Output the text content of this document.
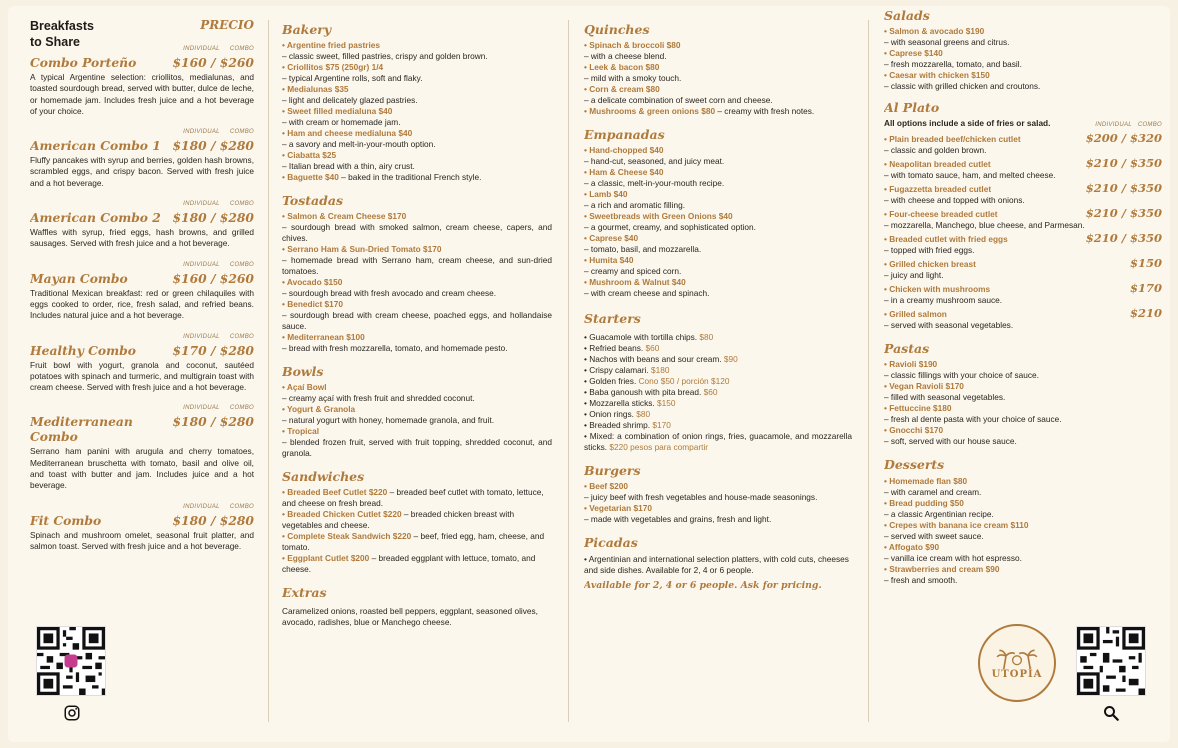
Breakfasts
to Share
PRECIO
INDIVIDUAL COMBO
Combo Porteño	$160 / $260
A typical Argentine selection: criollitos, medialunas, and toasted sourdough bread, served with butter, dulce de leche, or homemade jam. Includes fresh juice and a hot beverage of your choice.
INDIVIDUAL COMBO
American Combo 1 $180 / $280
Fluffy pancakes with syrup and berries, golden hash browns, scrambled eggs, and crispy bacon. Served with fresh juice and a hot beverage.
INDIVIDUAL COMBO
American Combo 2 $180 / $280
Waffles with syrup, fried eggs, hash browns, and grilled sausages. Served with fresh juice and a hot beverage.
INDIVIDUAL COMBO
Mayan Combo	$160 / $260
Traditional Mexican breakfast: red or green chilaquiles with eggs cooked to order, rice, fresh salad, and refried beans. Includes natural juice and a hot beverage.
INDIVIDUAL COMBO
Healthy Combo	$170 / $280
Fruit bowl with yogurt, granola and coconut, sautéed potatoes with spinach and turmeric, and multigrain toast with cream cheese. Served with fresh juice and a hot beverage.
INDIVIDUAL COMBO
Mediterranean Combo
$180 / $280
Serrano ham panini with arugula and cherry tomatoes, Mediterranean bruschetta with tomato, basil and olive oil, and toast with butter and jam. Includes juice and a hot beverage.
INDIVIDUAL COMBO
Fit Combo	$180 / $280
Spinach and mushroom omelet, seasonal fruit platter, and salmon toast. Served with fresh juice and a hot beverage.
Bakery
• Argentine fried pastries
– classic sweet, filled pastries, crispy and golden brown.
• Criollitos $75 (250gr) 1/4
– typical Argentine rolls, soft and flaky.
• Medialunas $35
– light and delicately glazed pastries.
• Sweet filled medialuna $40
– with cream or homemade jam.
• Ham and cheese medialuna $40
– a savory and melt-in-your-mouth option.
• Ciabatta $25
– Italian bread with a thin, airy crust.
• Baguette $40 – baked in the traditional French style.
Tostadas
• Salmon & Cream Cheese $170
– sourdough bread with smoked salmon, cream cheese, capers, and chives.
• Serrano Ham & Sun-Dried Tomato $170
– homemade bread with Serrano ham, cream cheese, and sun-dried tomatoes.
• Avocado $150
– sourdough bread with fresh avocado and cream cheese.
• Benedict $170
– sourdough bread with cream cheese, poached eggs, and hollandaise sauce.
• Mediterranean $100
– bread with fresh mozzarella, tomato, and homemade pesto.
Bowls
• Açaí Bowl
– creamy açaí with fresh fruit and shredded coconut.
• Yogurt & Granola
– natural yogurt with honey, homemade granola, and fruit.
• Tropical
– blended frozen fruit, served with fruit topping, shredded coconut, and granola.
Sandwiches
• Breaded Beef Cutlet $220 – breaded beef cutlet with tomato, lettuce, and cheese on fresh bread.
• Breaded Chicken Cutlet $220 – breaded chicken breast with vegetables and cheese.
• Complete Steak Sandwich $220 – beef, fried egg, ham, cheese, and tomato.
• Eggplant Cutlet $200 – breaded eggplant with lettuce, tomato, and cheese.
Extras
Caramelized onions, roasted bell peppers, eggplant, seasoned olives, avocado, radishes, blue or Manchego cheese.
Quinches
• Spinach & broccoli $80
– with a cheese blend.
• Leek & bacon $80
– mild with a smoky touch.
• Corn & cream $80
– a delicate combination of sweet corn and cheese.
• Mushrooms & green onions $80 – creamy with fresh notes.
Empanadas
• Hand-chopped $40
– hand-cut, seasoned, and juicy meat.
• Ham & Cheese $40
– a classic, melt-in-your-mouth recipe.
• Lamb $40
– a rich and aromatic filling.
• Sweetbreads with Green Onions $40
– a gourmet, creamy, and sophisticated option.
• Caprese $40
– tomato, basil, and mozzarella.
• Humita $40
– creamy and spiced corn.
• Mushroom & Walnut $40
– with cream cheese and spinach.
Starters
• Guacamole with tortilla chips. $80
• Refried beans. $60
• Nachos with beans and sour cream. $90
• Crispy calamari. $180
• Golden fries. Cono $50 / porción $120
• Baba ganoush with pita bread. $60
• Mozzarella sticks. $150
• Onion rings. $80
• Breaded shrimp. $170
• Mixed: a combination of onion rings, fries, guacamole, and mozzarella sticks. $220 pesos para compartir
Burgers
• Beef $200
– juicy beef with fresh vegetables and house-made seasonings.
• Vegetarian $170
– made with vegetables and grains, fresh and light.
Picadas
• Argentinian and international selection platters, with cold cuts, cheeses and side dishes. Available for 2, 4 or 6 people.
Available for 2, 4 or 6 people. Ask for pricing.
Salads
• Salmon & avocado $190
– with seasonal greens and citrus.
• Caprese $140
– fresh mozzarella, tomato, and basil.
• Caesar with chicken $150
– classic with grilled chicken and croutons.
Al Plato
All options include a side of fries or salad.	INDIVIDUAL COMBO
• Plain breaded beef/chicken cutlet	$200 / $320
– classic and golden brown.
• Neapolitan breaded cutlet	$210 / $350
– with tomato sauce, ham, and melted cheese.
• Fugazzetta breaded cutlet	$210 / $350
– with cheese and topped with onions.
• Four-cheese breaded cutlet	$210 / $350
– mozzarella, Manchego, blue cheese, and Parmesan.
• Breaded cutlet with fried eggs	$210 / $350
– topped with fried eggs.
• Grilled chicken breast	$150
– juicy and light.
• Chicken with mushrooms	$170
– in a creamy mushroom sauce.
• Grilled salmon	$210
– served with seasonal vegetables.
Pastas
• Ravioli $190
– classic fillings with your choice of sauce.
• Vegan Ravioli $170
– filled with seasonal vegetables.
• Fettuccine $180
– fresh al dente pasta with your choice of sauce.
• Gnocchi $170
– soft, served with our house sauce.
Desserts
• Homemade flan $80
– with caramel and cream.
• Bread pudding $50
– a classic Argentinian recipe.
• Crepes with banana ice cream $110
– served with sweet sauce.
• Affogato $90
– vanilla ice cream with hot espresso.
• Strawberries and cream $90
– fresh and smooth.
UTOPÍA
